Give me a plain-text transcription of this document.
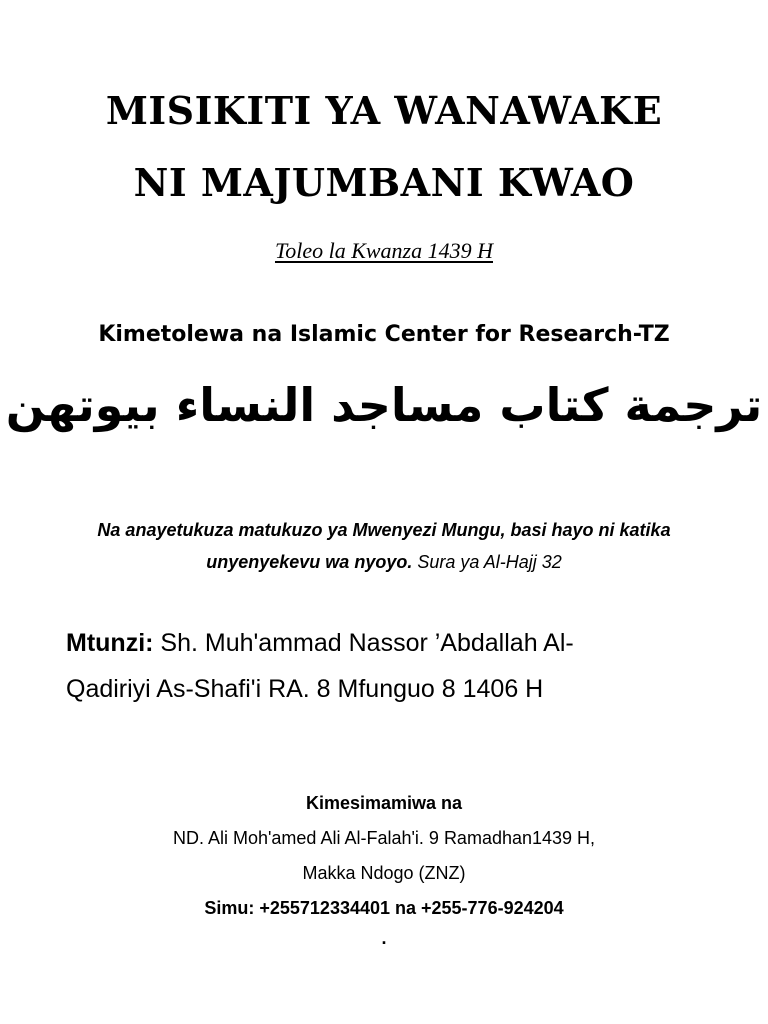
MISIKITI YA WANAWAKE
NI MAJUMBANI KWAO
Toleo la Kwanza 1439 H
Kimetolewa na Islamic Center for Research-TZ
ترجمة كتاب مساجد النساء بيوتهن
Na anayetukuza matukuzo ya Mwenyezi Mungu, basi hayo ni katika unyenyekevu wa nyoyo. Sura ya Al-Hajj 32
Mtunzi: Sh. Muh'ammad Nassor ’Abdallah Al-
Qadiriyi As-Shafi'i RA. 8 Mfunguo 8 1406 H
Kimesimamiwa na
ND. Ali Moh'amed Ali Al-Falah'i. 9 Ramadhan1439 H,
Makka Ndogo (ZNZ)
Simu: +255712334401 na +255-776-924204
.
